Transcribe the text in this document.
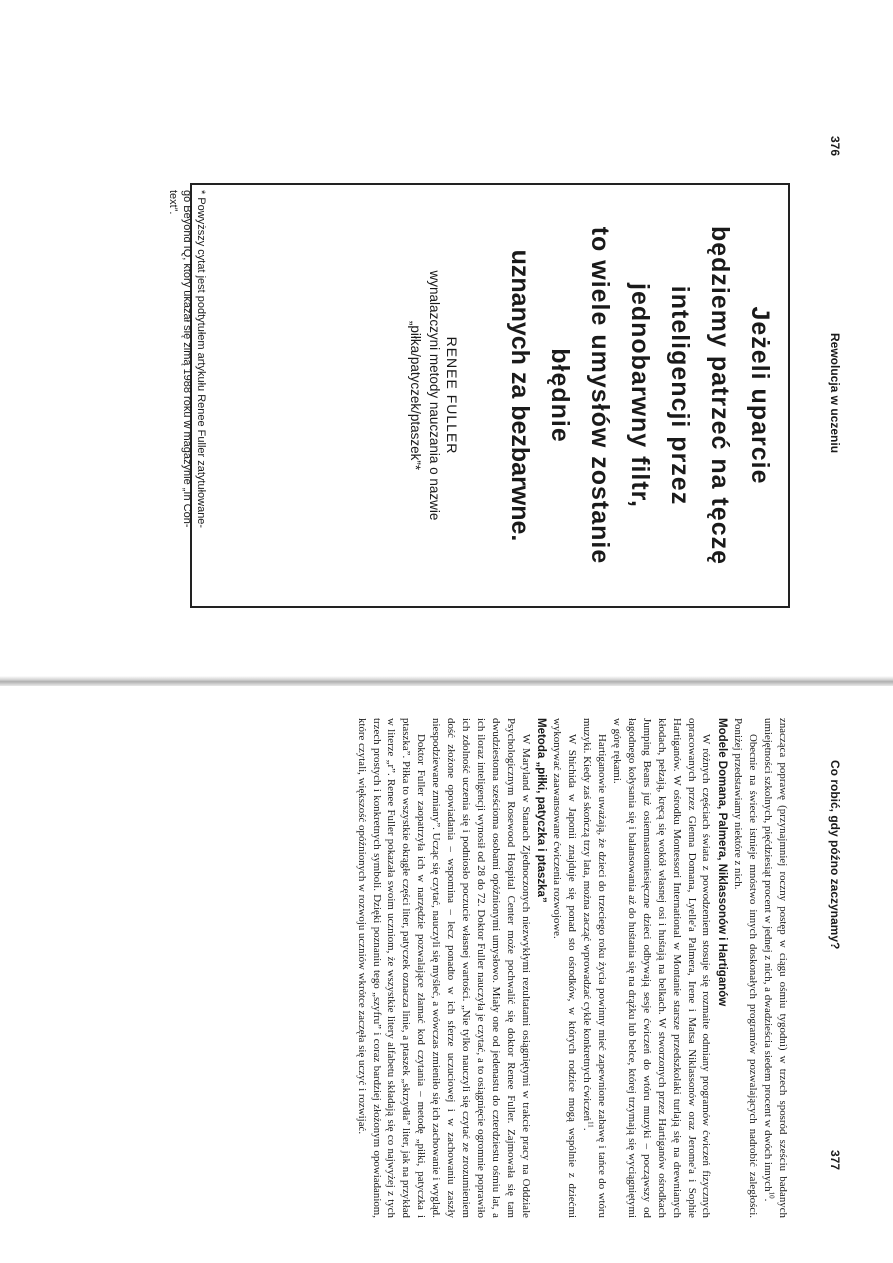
376
Rewolucja w uczeniu
Jeżeli uparcie
będziemy patrzeć na tęczę
inteligencji przez
jednobarwny filtr,
to wiele umysłów zostanie
błędnie
uznanych za bezbarwne.
RENEE FULLER
wynalazczyni metody nauczania o nazwie
„piłka/patyczek/ptaszek”*

* Powyższy cytat jest podtytułem artykułu Renee Fuller zatytułowane-

go Beyond IQ, który ukazał się zimą 1988 roku w magazynie „In Con-

text”.

Co robić, gdy późno zaczynamy?
377

znacząca poprawę (przynajmniej roczny postęp w ciągu ośmiu tygodni) w trzech sposród sześciu badanych umiejętności szkolnych, pięćdziesiąt procent w jednej z nich, a dwadzieścia siedem procent w dwóch innych$^{10}$.

Obecnie na świecie istnieje mnóstwo innych doskonałych programów pozwalających nadrobić zaległości. Poniżej przedstawiamy niektóre z nich.

Modele Domana, Palmera, Niklassonów i Hartiganów

W różnych częściach świata z powodzeniem stosuje się rozmaite odmiany programów ćwiczeń fizycznych opracowanych przez Glenna Domana, Lyelle'a Palmera, Irene i Matsa Niklassonów oraz Jerome'a i Sophie Hartiganów. W ośrodku Montessori International w Montanie starsze przedszkolaki turlają się na drewnianych kłodach, pełzają, kręcą się wokół własnej osi i huśtają na belkach. W stworzonych przez Hartiganów ośrodkach Jumping Beans już osiemnastomiesięczne dzieci odbywają sesje ćwiczeń do wtóru muzyki – począwszy od łagodnego kołysania się i balansowania aż do huśtania się na drążku lub belce, której trzymają się wyciągniętymi w górę rękami.

Hartiganowie uważają, że dzieci do trzeciego roku życia powinny mieć zapewnione zabawę i tańce do wtóru muzyki. Kiedy zaś skończą trzy lata, można zacząć wprowadzać cykle konkretnych ćwiczeń$^{11}$.

W Shichida w Japonii znajduje się ponad sto ośrodków, w których rodzice mogą wspólnie z dziećmi wykonywać zaawansowane ćwiczenia rozwojowe.

Metoda „piłki, patyczka i ptaszka”

W Maryland w Stanach Zjednoczonych niezwykłymi rezultatami osiągniętymi w trakcie pracy na Oddziale Psychologicznym Rosewood Hospital Center może pochwalić się doktor Renee Fuller. Zajmowała się tam dwudziestoma sześcioma osobami opóźnionymi umysłowo. Miały one od jedenastu do czterdziestu ośmiu lat, a ich iloraz inteligencji wynosił od 28 do 72. Doktor Fuller nauczyła je czytać, a to osiągnięcie ogromnie poprawiło ich zdolność uczenia się i podniosło poczucie własnej wartości. „Nie tylko nauczyli się czytać ze zrozumieniem dość złożone opowiadania – wspomina – lecz ponadto w ich sferze uczuciowej i w zachowaniu zaszły niespodziewane zmiany”. Ucząc się czytać, nauczyli się myśleć, a wówczas zmieniło się ich zachowanie i wygląd.

Doktor Fuller zaopatrzyła ich w narzędzie pozwalające złamać kod czytania – metodę „piłki, patyczka i ptaszka”. Piłka to wszystkie okrągłe części liter, patyczek oznacza linie, a ptaszek „skrzydła” liter, jak na przykład w literze „r”. Renee Fuller pokazała swoim uczniom, że wszystkie litery alfabetu składają się co najwyżej z tych trzech prostych i konkretnych symboli. Dzięki poznaniu tego „szyfru” i coraz bardziej złożonym opowiadaniom, które czytali, większość opóźnionych w rozwoju uczniów wkrótce zaczęła się uczyć i rozwijać.
